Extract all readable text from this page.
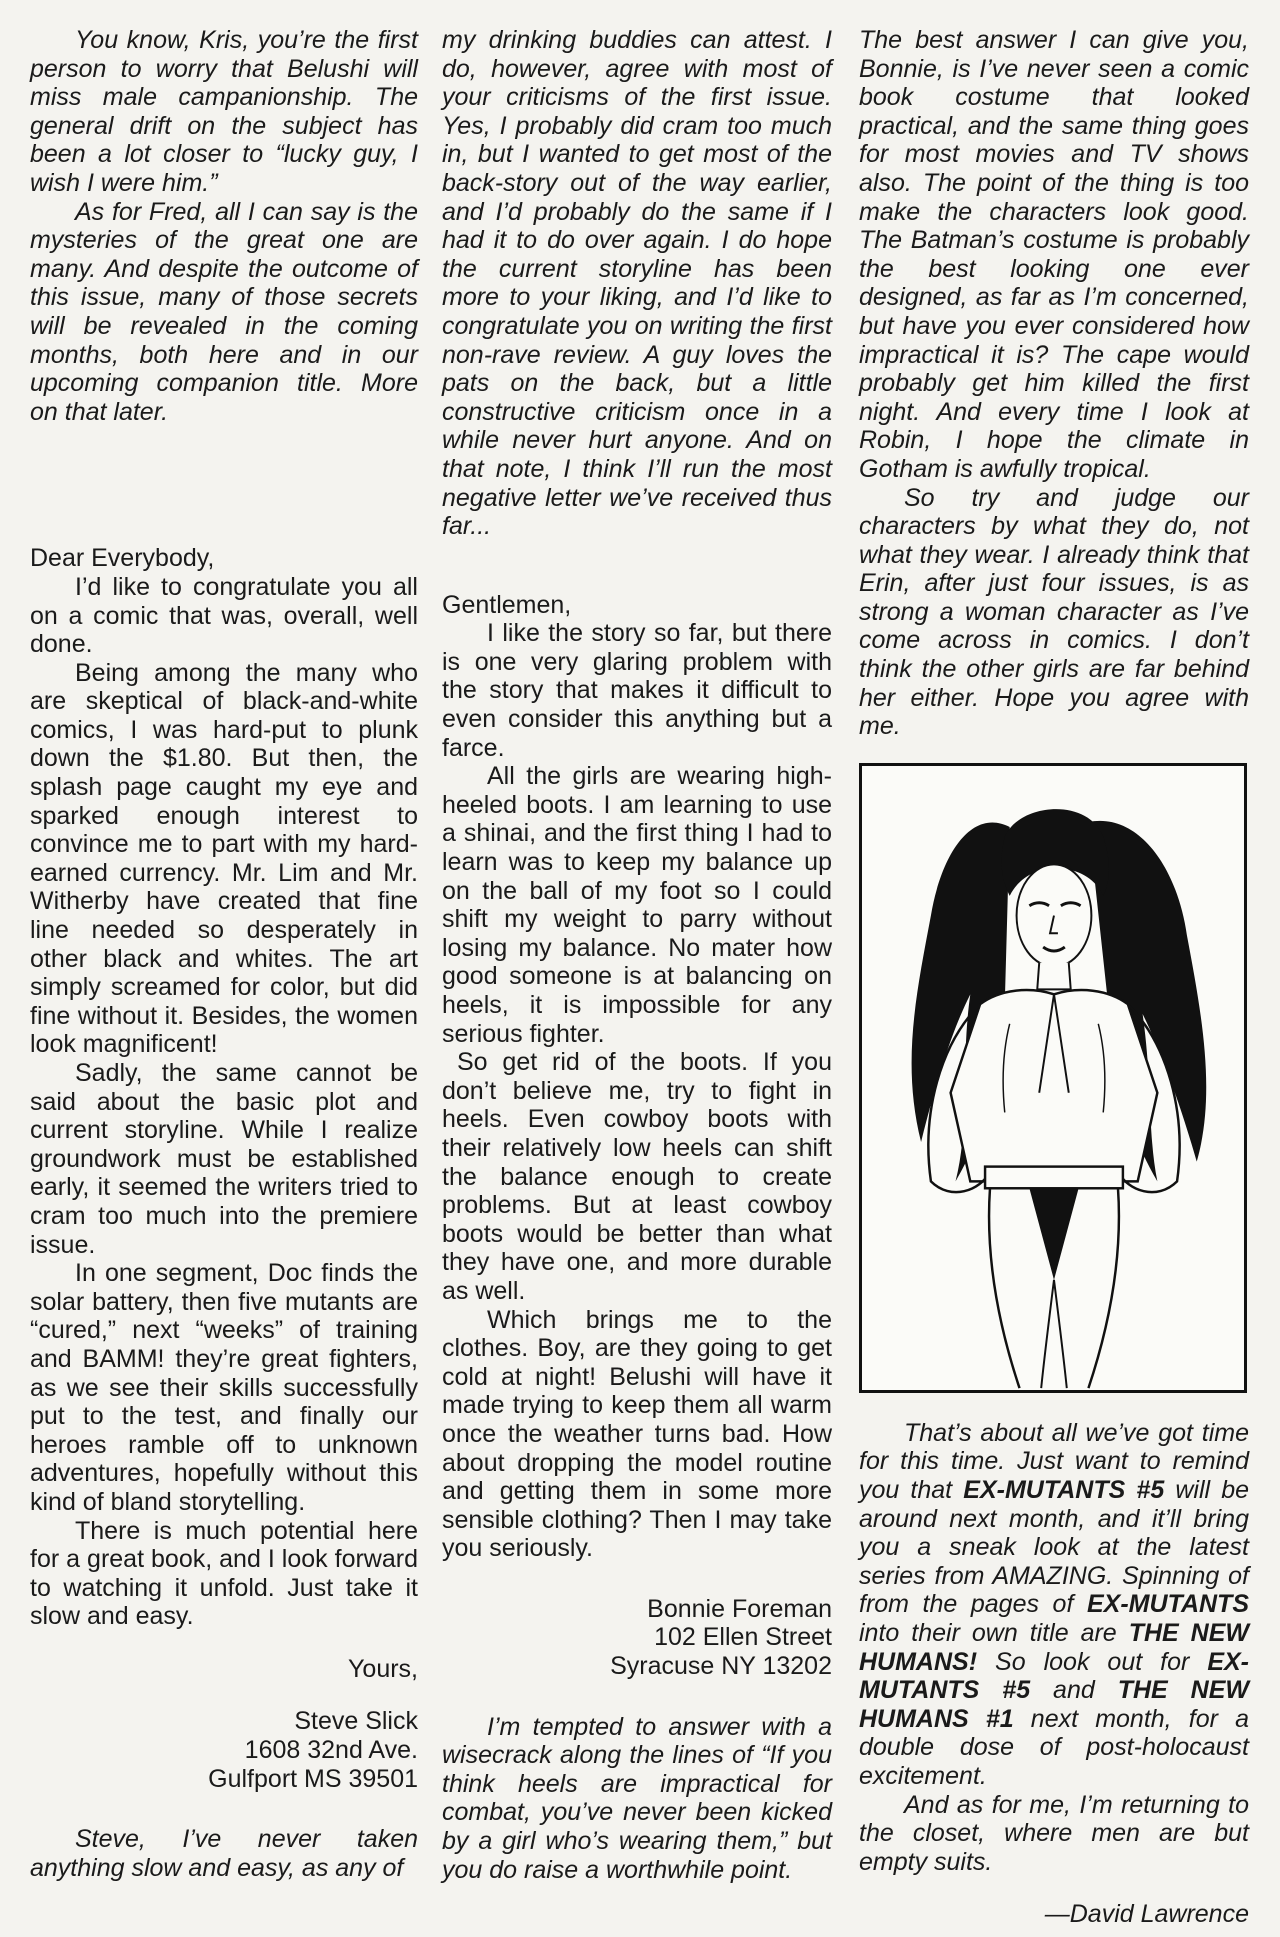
You know, Kris, you’re the first person to worry that Belushi will miss male campanionship. The general drift on the subject has been a lot closer to “lucky guy, I wish I were him.”

As for Fred, all I can say is the mysteries of the great one are many. And despite the outcome of this issue, many of those secrets will be revealed in the coming months, both here and in our upcoming companion title. More on that later.

Dear Everybody,

I’d like to congratulate you all on a comic that was, overall, well done.

Being among the many who are skeptical of black-and-white comics, I was hard-put to plunk down the $1.80. But then, the splash page caught my eye and sparked enough interest to convince me to part with my hard-earned currency. Mr. Lim and Mr. Witherby have created that fine line needed so desperately in other black and whites. The art simply screamed for color, but did fine without it. Besides, the women look magnificent!

Sadly, the same cannot be said about the basic plot and current storyline. While I realize groundwork must be established early, it seemed the writers tried to cram too much into the premiere issue.

In one segment, Doc finds the solar battery, then five mutants are “cured,” next “weeks” of training and BAMM! they’re great fighters, as we see their skills successfully put to the test, and finally our heroes ramble off to unknown adventures, hopefully without this kind of bland storytelling.

There is much potential here for a great book, and I look forward to watching it unfold. Just take it slow and easy.

Yours,

Steve Slick

1608 32nd Ave.

Gulfport MS 39501

Steve, I’ve never taken anything slow and easy, as any of

my drinking buddies can attest. I do, however, agree with most of your criticisms of the first issue. Yes, I probably did cram too much in, but I wanted to get most of the back-story out of the way earlier, and I’d probably do the same if I had it to do over again. I do hope the current storyline has been more to your liking, and I’d like to congratulate you on writing the first non-rave review. A guy loves the pats on the back, but a little constructive criticism once in a while never hurt anyone. And on that note, I think I’ll run the most negative letter we’ve received thus far...

Gentlemen,

I like the story so far, but there is one very glaring problem with the story that makes it difficult to even consider this anything but a farce.

All the girls are wearing high-heeled boots. I am learning to use a shinai, and the first thing I had to learn was to keep my balance up on the ball of my foot so I could shift my weight to parry without losing my balance. No mater how good someone is at balancing on heels, it is impossible for any serious fighter.

So get rid of the boots. If you don’t believe me, try to fight in heels. Even cowboy boots with their relatively low heels can shift the balance enough to create problems. But at least cowboy boots would be better than what they have one, and more durable as well.

Which brings me to the clothes. Boy, are they going to get cold at night! Belushi will have it made trying to keep them all warm once the weather turns bad. How about dropping the model routine and getting them in some more sensible clothing? Then I may take you seriously.

Bonnie Foreman

102 Ellen Street

Syracuse NY 13202

I’m tempted to answer with a wisecrack along the lines of “If you think heels are impractical for combat, you’ve never been kicked by a girl who’s wearing them,” but you do raise a worthwhile point.

The best answer I can give you, Bonnie, is I’ve never seen a comic book costume that looked practical, and the same thing goes for most movies and TV shows also. The point of the thing is too make the characters look good. The Batman’s costume is probably the best looking one ever designed, as far as I’m concerned, but have you ever considered how impractical it is? The cape would probably get him killed the first night. And every time I look at Robin, I hope the climate in Gotham is awfully tropical.

So try and judge our characters by what they do, not what they wear. I already think that Erin, after just four issues, is as strong a woman character as I’ve come across in comics. I don’t think the other girls are far behind her either. Hope you agree with me.

That’s about all we’ve got time for this time. Just want to remind you that EX-MUTANTS #5 will be around next month, and it’ll bring you a sneak look at the latest series from AMAZING. Spinning of from the pages of EX-MUTANTS into their own title are THE NEW HUMANS! So look out for EX-MUTANTS #5 and THE NEW HUMANS #1 next month, for a double dose of post-holocaust excitement.

And as for me, I’m returning to the closet, where men are but empty suits.

—David Lawrence
